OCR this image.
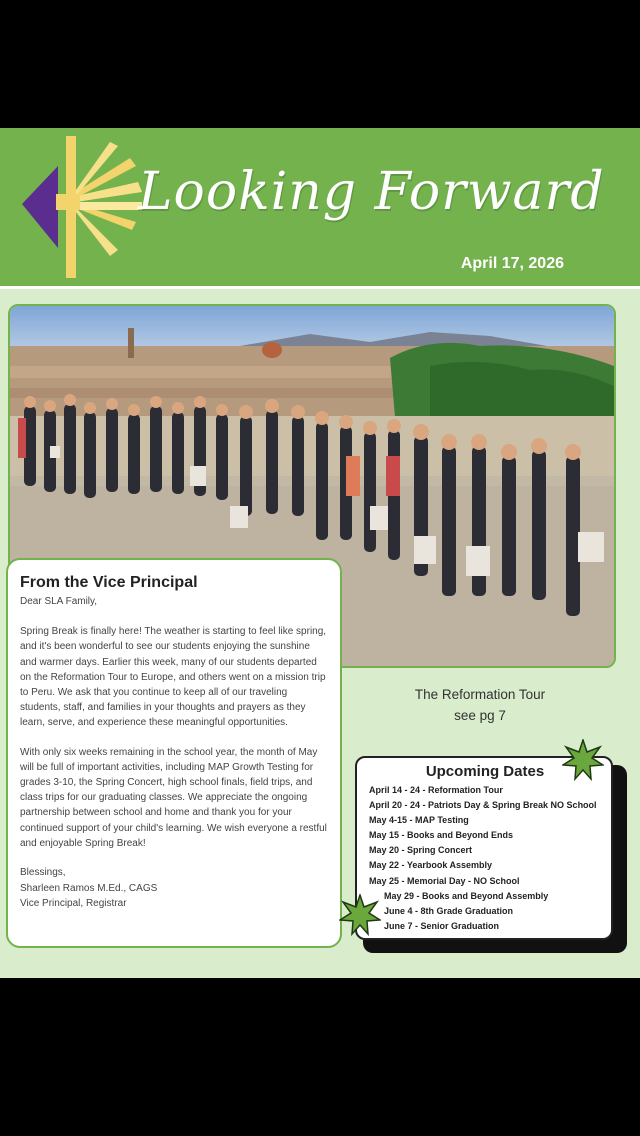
Looking Forward
April 17, 2026
The Reformation Tour
see pg 7
From the Vice Principal

Dear SLA Family,

Spring Break is finally here! The weather is starting to feel like spring, and it's been wonderful to see our students enjoying the sunshine and warmer days. Earlier this week, many of our students departed on the Reformation Tour to Europe, and others went on a mission trip to Peru. We ask that you continue to keep all of our traveling students, staff, and families in your thoughts and prayers as they learn, serve, and experience these meaningful opportunities.

With only six weeks remaining in the school year, the month of May will be full of important activities, including MAP Growth Testing for grades 3-10, the Spring Concert, high school finals, field trips, and class trips for our graduating classes. We appreciate the ongoing partnership between school and home and thank you for your continued support of your child's learning. We wish everyone a restful and enjoyable Spring Break!

Blessings,
Sharleen Ramos M.Ed., CAGS
Vice Principal, Registrar
Upcoming Dates
April 14 - 24 - Reformation Tour
April 20 - 24 - Patriots Day & Spring Break NO School
May 4-15 - MAP Testing
May 15 - Books and Beyond Ends
May 20 - Spring Concert
May 22 - Yearbook Assembly
May 25 - Memorial Day - NO School
May 29 - Books and Beyond Assembly
June 4 - 8th Grade Graduation
June 7 - Senior Graduation
